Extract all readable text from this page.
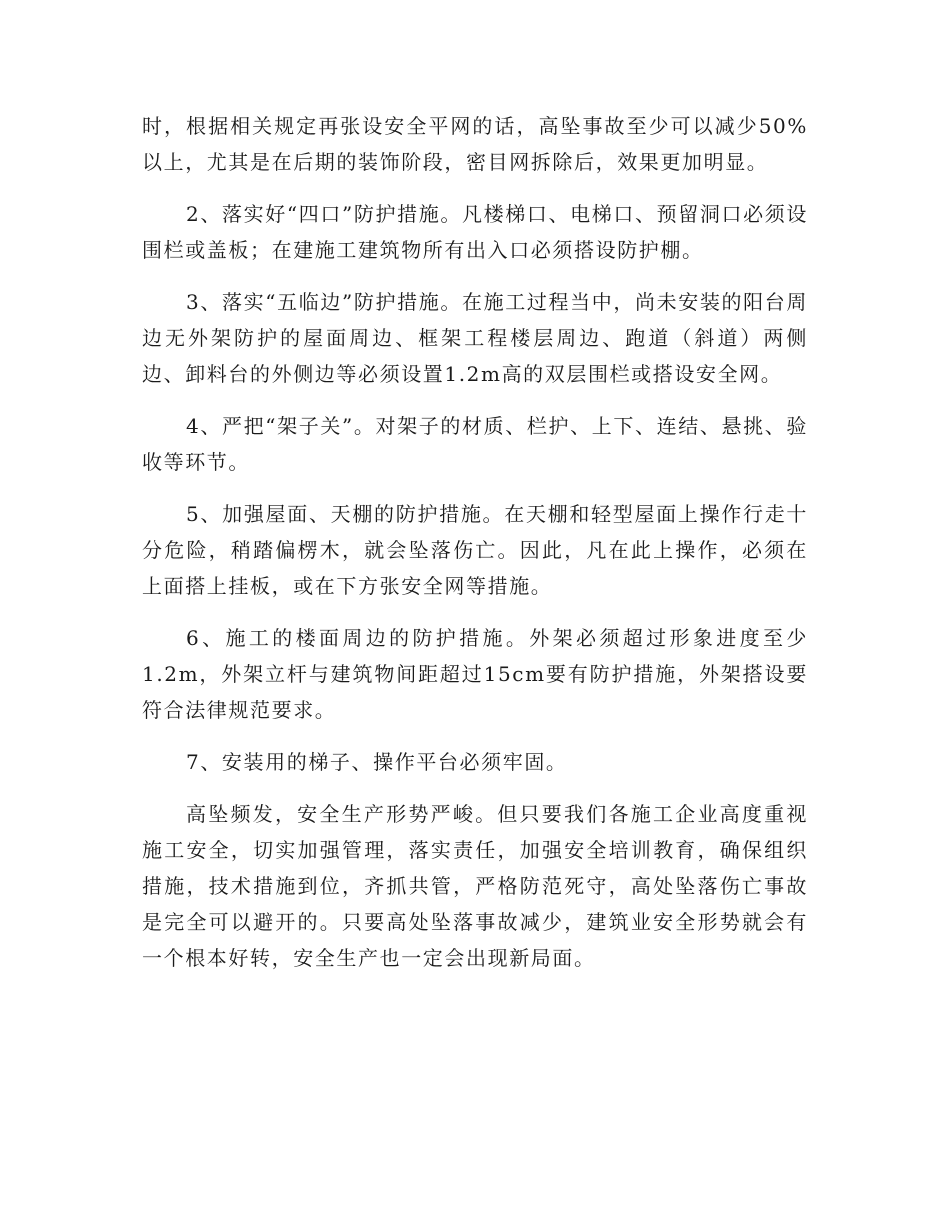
时，根据相关规定再张设安全平网的话，高坠事故至少可以减少50%以上，尤其是在后期的装饰阶段，密目网拆除后，效果更加明显。

2、落实好“四口”防护措施。凡楼梯口、电梯口、预留洞口必须设围栏或盖板；在建施工建筑物所有出入口必须搭设防护棚。

3、落实“五临边”防护措施。在施工过程当中，尚未安装的阳台周边无外架防护的屋面周边、框架工程楼层周边、跑道（斜道）两侧边、卸料台的外侧边等必须设置1.2m高的双层围栏或搭设安全网。

4、严把“架子关”。对架子的材质、栏护、上下、连结、悬挑、验收等环节。

5、加强屋面、天棚的防护措施。在天棚和轻型屋面上操作行走十分危险，稍踏偏楞木，就会坠落伤亡。因此，凡在此上操作，必须在上面搭上挂板，或在下方张安全网等措施。

6、施工的楼面周边的防护措施。外架必须超过形象进度至少1.2m，外架立杆与建筑物间距超过15cm要有防护措施，外架搭设要符合法律规范要求。

7、安装用的梯子、操作平台必须牢固。

高坠频发，安全生产形势严峻。但只要我们各施工企业高度重视施工安全，切实加强管理，落实责任，加强安全培训教育，确保组织措施，技术措施到位，齐抓共管，严格防范死守，高处坠落伤亡事故是完全可以避开的。只要高处坠落事故减少，建筑业安全形势就会有一个根本好转，安全生产也一定会出现新局面。
